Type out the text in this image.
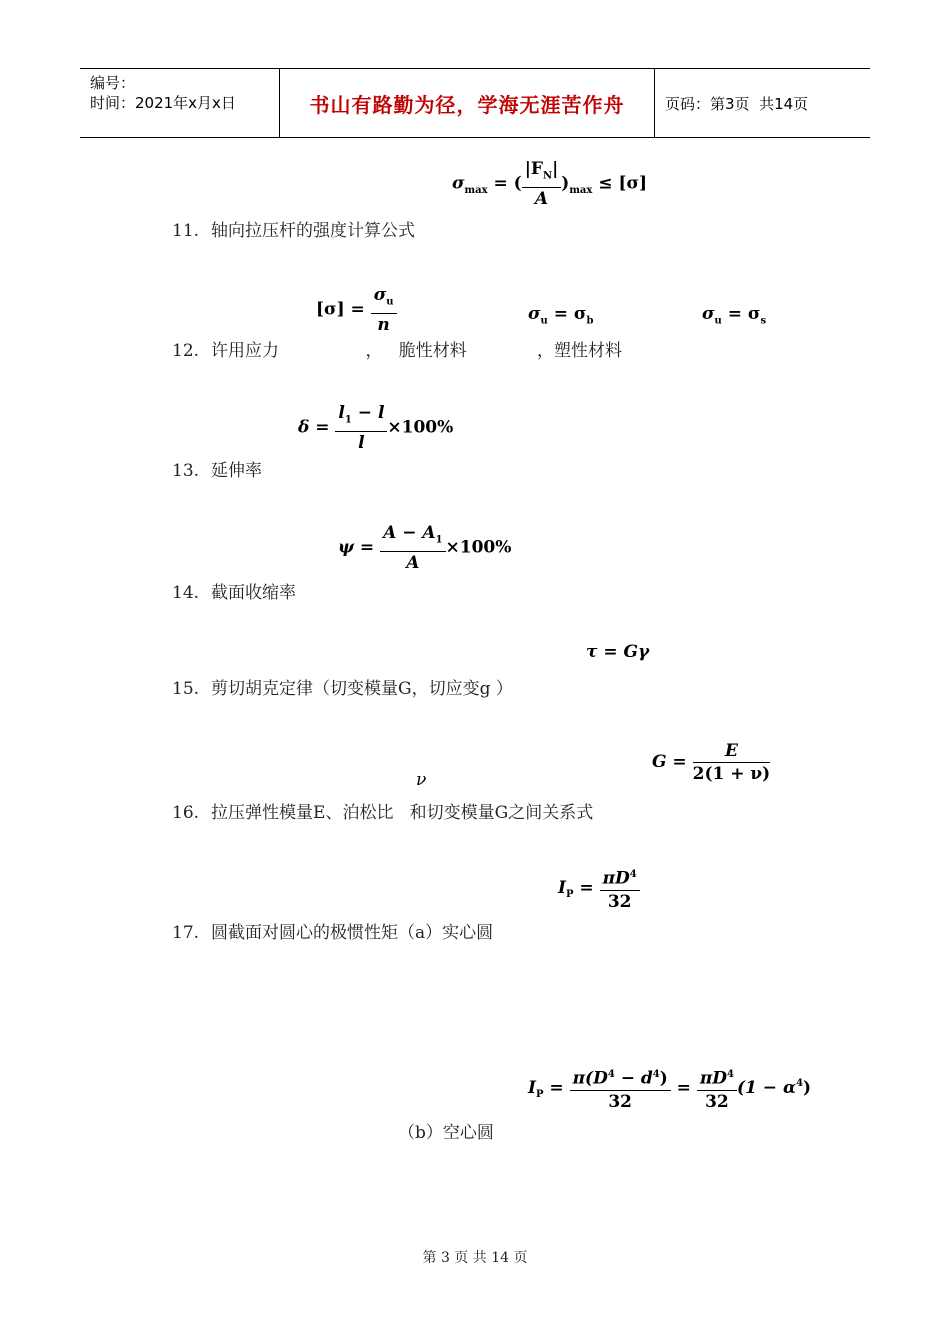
编号：
时间：2021年x月x日	书山有路勤为径，学海无涯苦作舟	页码：第3页  共14页
$\sigma_{max}$ = ( $\frac{|F_N|}{A} )_{max} \le [\sigma]$
11. 轴向拉压杆的强度计算公式
$[\sigma] = \frac{\sigma_u}{n}$	$\sigma_u = \sigma_b$	$\sigma_u = \sigma_s$
12. 许用应力                ，   脆性材料             ，塑性材料
$\delta = \frac{l_1 - l}{l} \times 100\%$
13. 延伸率
$\psi = \frac{A - A_1}{A} \times 100\%$
14. 截面收缩率
τ = Gγ
15. 剪切胡克定律（切变模量G，切应变g ）
ν
$G = \frac{E}{2(1 + \nu)}$
16. 拉压弹性模量E、泊松比   和切变模量G之间关系式
$I_P = \frac{\pi D^4}{32}$
17. 圆截面对圆心的极惯性矩（a）实心圆
$I_P = \frac{\pi(D^4 - d^4)}{32} = \frac{\pi D^4}{32} (1 - \alpha^4)$
（b）空心圆
第 3 页 共 14 页
